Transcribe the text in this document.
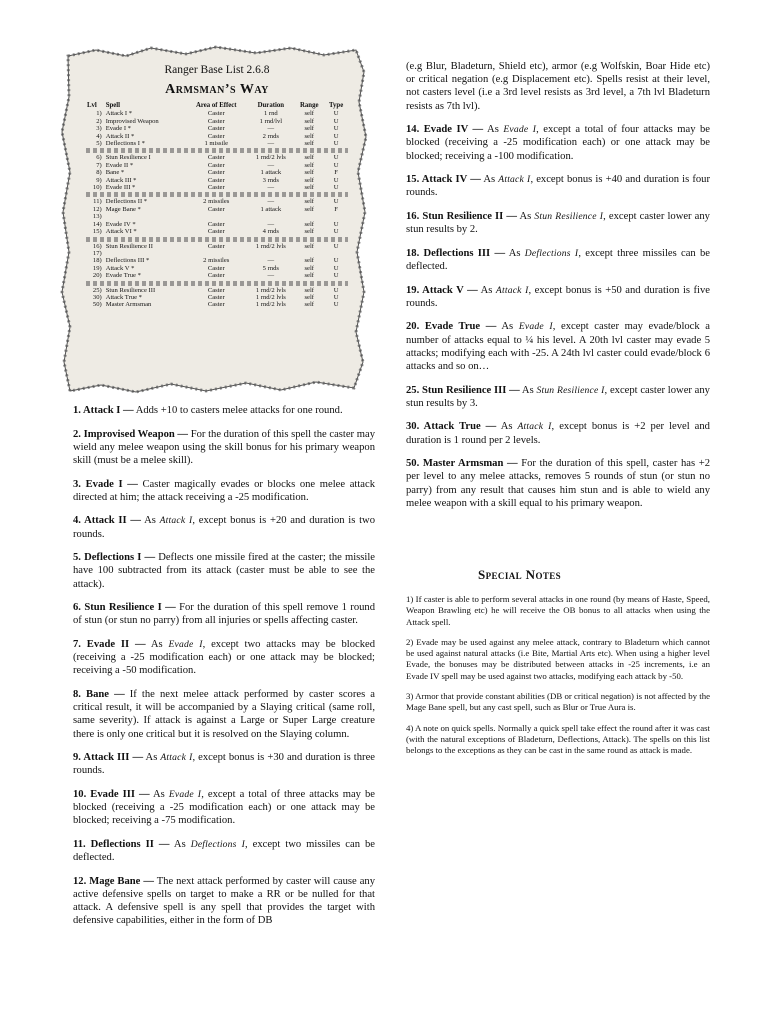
Ranger Base List 2.6.8
Armsman’s Way
Lvl	Spell	Area of Effect	Duration	Range	Type
1)	Attack I *	Caster	1 rnd	self	U
2)	Improvised Weapon	Caster	1 rnd/lvl	self	U
3)	Evade I *	Caster	—	self	U
4)	Attack II *	Caster	2 rnds	self	U
5)	Deflections I *	1 missile	—	self	U

6)	Stun Resilience I	Caster	1 rnd/2 lvls	self	U
7)	Evade II *	Caster	—	self	U
8)	Bane *	Caster	1 attack	self	F
9)	Attack III *	Caster	3 rnds	self	U
10)	Evade III *	Caster	—	self	U

11)	Deflections II *	2 missiles	—	self	U
12)	Mage Bane *	Caster	1 attack	self	F
13)					
14)	Evade IV *	Caster	—	self	U
15)	Attack VI *	Caster	4 rnds	self	U

16)	Stun Resilience II	Caster	1 rnd/2 lvls	self	U
17)					
18)	Deflections III *	2 missiles	—	self	U
19)	Attack V *	Caster	5 rnds	self	U
20)	Evade True *	Caster	—	self	U

25)	Stun Resilience III	Caster	1 rnd/2 lvls	self	U
30)	Attack True *	Caster	1 rnd/2 lvls	self	U
50)	Master Armsman	Caster	1 rnd/2 lvls	self	U

1. Attack I — Adds +10 to casters melee attacks for one round.

2. Improvised Weapon — For the duration of this spell the caster may wield any melee weapon using the skill bonus for his primary weapon skill (must be a melee skill).

3. Evade I — Caster magically evades or blocks one melee attack directed at him; the attack receiving a -25 modification.

4. Attack II — As Attack I, except bonus is +20 and duration is two rounds.

5. Deflections I — Deflects one missile fired at the caster; the missile have 100 subtracted from its attack (caster must be able to see the attack).

6. Stun Resilience I — For the duration of this spell remove 1 round of stun (or stun no parry) from all injuries or spells affecting caster.

7. Evade II — As Evade I, except two attacks may be blocked (receiving a -25 modification each) or one attack may be blocked; receiving a -50 modification.

8. Bane — If the next melee attack performed by caster scores a critical result, it will be accompanied by a Slaying critical (same roll, same severity). If attack is against a Large or Super Large creature there is only one critical but it is resolved on the Slaying column.

9. Attack III — As Attack I, except bonus is +30 and duration is three rounds.

10. Evade III — As Evade I, except a total of three attacks may be blocked (receiving a -25 modification each) or one attack may be blocked; receiving a -75 modification.

11. Deflections II — As Deflections I, except two missiles can be deflected.

12. Mage Bane — The next attack performed by caster will cause any active defensive spells on target to make a RR or be nulled for that attack. A defensive spell is any spell that provides the target with defensive capabilities, either in the form of DB

(e.g Blur, Bladeturn, Shield etc), armor (e.g Wolfskin, Boar Hide etc) or critical negation (e.g Displacement etc). Spells resist at their level, not casters level (i.e a 3rd level resists as 3rd level, a 7th lvl Bladeturn resists as 7th lvl).

14. Evade IV — As Evade I, except a total of four attacks may be blocked (receiving a -25 modification each) or one attack may be blocked; receiving a -100 modification.

15. Attack IV — As Attack I, except bonus is +40 and duration is four rounds.

16. Stun Resilience II — As Stun Resilience I, except caster lower any stun results by 2.

18. Deflections III — As Deflections I, except three missiles can be deflected.

19. Attack V — As Attack I, except bonus is +50 and duration is five rounds.

20. Evade True — As Evade I, except caster may evade/block a number of attacks equal to ¼ his level. A 20th lvl caster may evade 5 attacks; modifying each with -25. A 24th lvl caster could evade/block 6 attacks and so on…

25. Stun Resilience III — As Stun Resilience I, except caster lower any stun results by 3.

30. Attack True — As Attack I, except bonus is +2 per level and duration is 1 round per 2 levels.

50. Master Armsman — For the duration of this spell, caster has +2 per level to any melee attacks, removes 5 rounds of stun (or stun no parry) from any result that causes him stun and is able to wield any melee weapon with a skill equal to his primary weapon.

Special Notes

1) If caster is able to perform several attacks in one round (by means of Haste, Speed, Weapon Brawling etc) he will receive the OB bonus to all attacks when using the Attack spell.

2) Evade may be used against any melee attack, contrary to Bladeturn which cannot be used against natural attacks (i.e Bite, Martial Arts etc). When using a higher level Evade, the bonuses may be distributed between attacks in -25 increments, i.e an Evade IV spell may be used against two attacks, modifying each attack by -50.

3) Armor that provide constant abilities (DB or critical negation) is not affected by the Mage Bane spell, but any cast spell, such as Blur or True Aura is.

4) A note on quick spells. Normally a quick spell take effect the round after it was cast (with the natural exceptions of Bladeturn, Deflections, Attack). The spells on this list belongs to the exceptions as they can be cast in the same round as attack is made.
